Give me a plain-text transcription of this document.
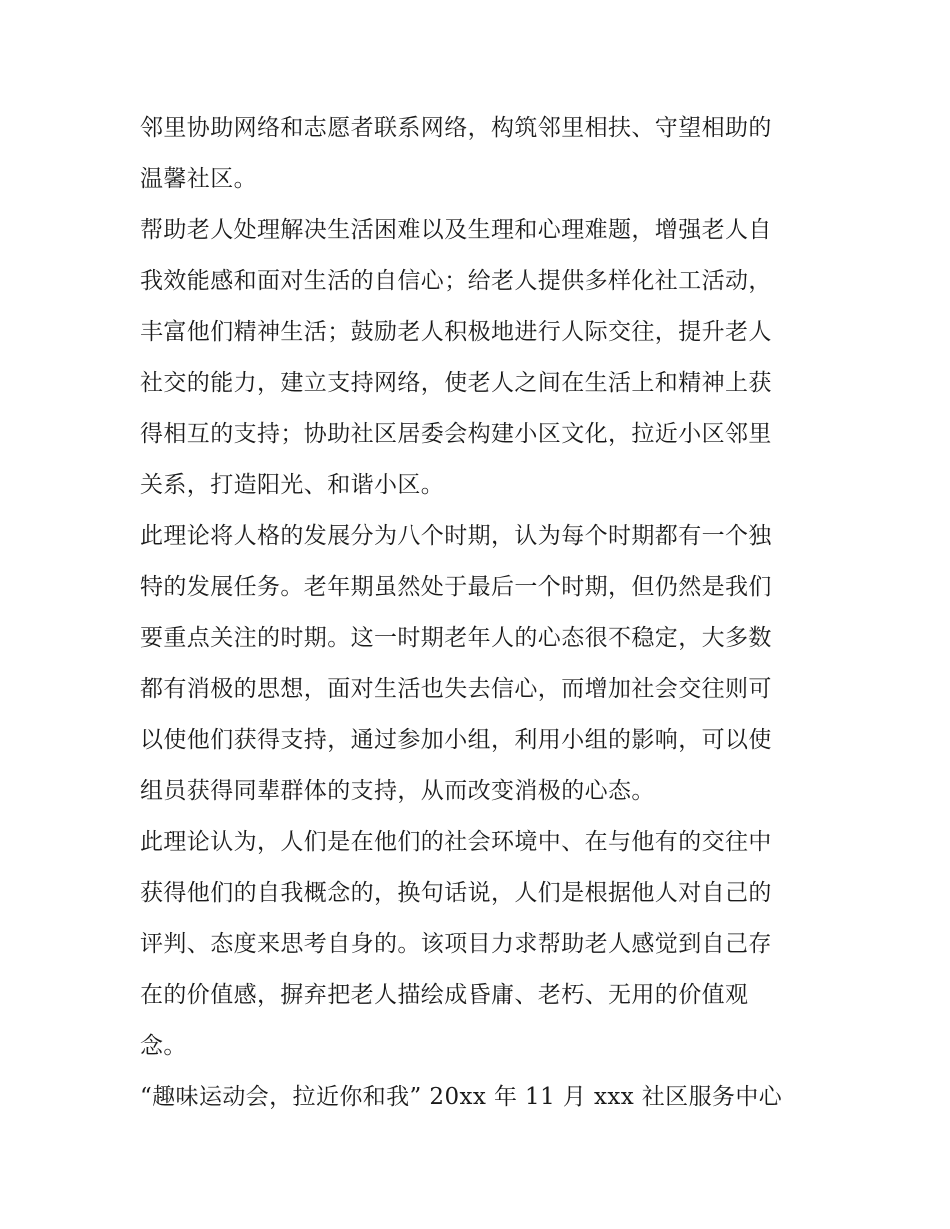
邻里协助网络和志愿者联系网络，构筑邻里相扶、守望相助的
温馨社区。
帮助老人处理解决生活困难以及生理和心理难题，增强老人自
我效能感和面对生活的自信心；给老人提供多样化社工活动，
丰富他们精神生活；鼓励老人积极地进行人际交往，提升老人
社交的能力，建立支持网络，使老人之间在生活上和精神上获
得相互的支持；协助社区居委会构建小区文化，拉近小区邻里
关系，打造阳光、和谐小区。
此理论将人格的发展分为八个时期，认为每个时期都有一个独
特的发展任务。老年期虽然处于最后一个时期，但仍然是我们
要重点关注的时期。这一时期老年人的心态很不稳定，大多数
都有消极的思想，面对生活也失去信心，而增加社会交往则可
以使他们获得支持，通过参加小组，利用小组的影响，可以使
组员获得同辈群体的支持，从而改变消极的心态。
此理论认为，人们是在他们的社会环境中、在与他有的交往中
获得他们的自我概念的，换句话说，人们是根据他人对自己的
评判、态度来思考自身的。该项目力求帮助老人感觉到自己存
在的价值感，摒弃把老人描绘成昏庸、老朽、无用的价值观
念。
“趣味运动会，拉近你和我” 20xx 年 11 月 xxx 社区服务中心
